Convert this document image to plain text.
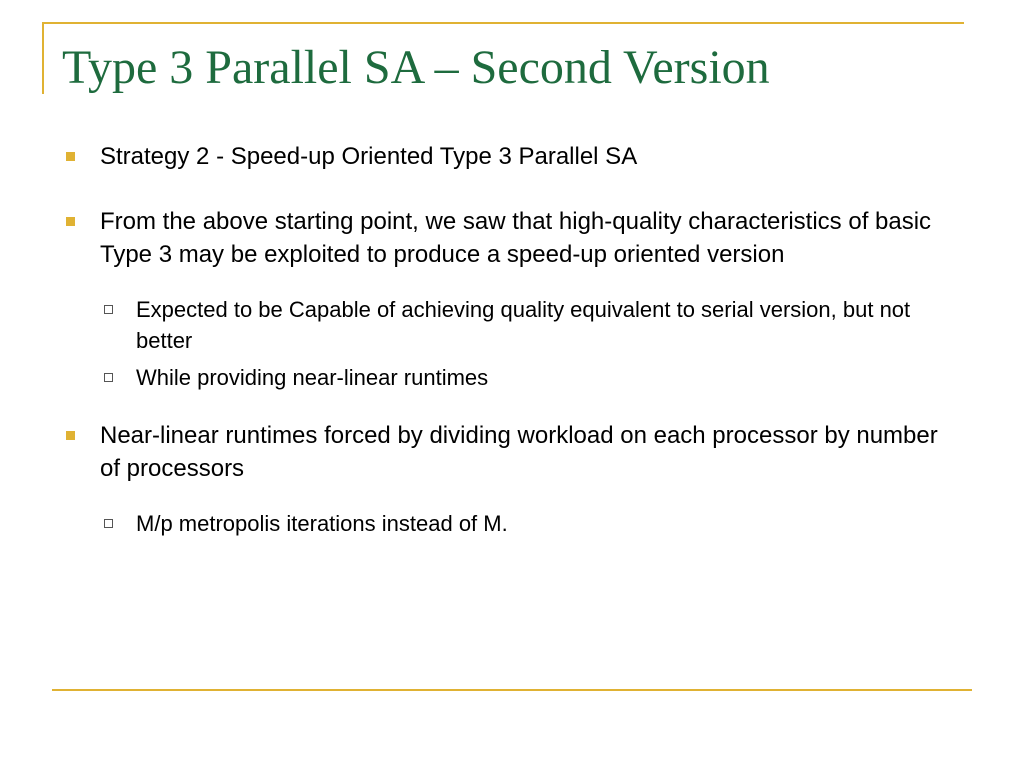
Type 3 Parallel SA – Second Version
Strategy 2 - Speed-up Oriented Type 3 Parallel SA
From the above starting point, we saw that high-quality characteristics of basic Type 3 may be exploited to produce a speed-up oriented version
Expected to be Capable of achieving quality equivalent to serial version, but not better
While providing near-linear runtimes
Near-linear runtimes forced by dividing workload on each processor by number of processors
M/p metropolis iterations instead of M.
